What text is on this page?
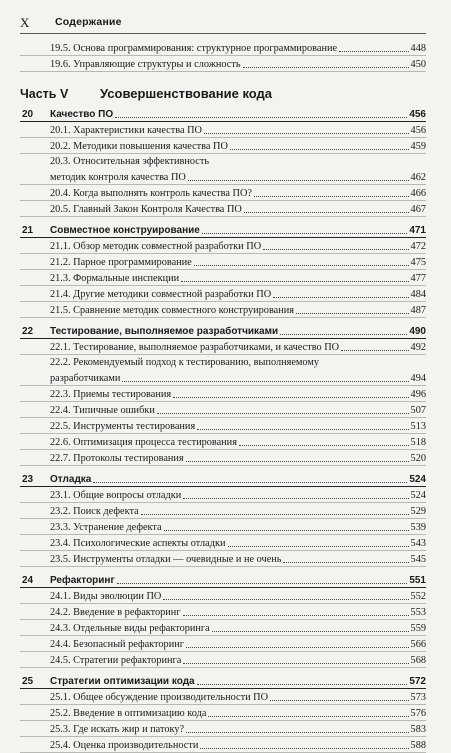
X Содержание
19.5. Основа программирования: структурное программирование	448
19.6. Управляющие структуры и сложность	450
Часть V	Усовершенствование кода
20	Качество ПО	456
20.1. Характеристики качества ПО	456
20.2. Методики повышения качества ПО	459
20.3. Относительная эффективность
методик контроля качества ПО	462
20.4. Когда выполнять контроль качества ПО?	466
20.5. Главный Закон Контроля Качества ПО	467
21	Совместное конструирование	471
21.1. Обзор методик совместной разработки ПО	472
21.2. Парное программирование	475
21.3. Формальные инспекции	477
21.4. Другие методики совместной разработки ПО	484
21.5. Сравнение методик совместного конструирования	487
22	Тестирование, выполняемое разработчиками	490
22.1. Тестирование, выполняемое разработчиками, и качество ПО	492
22.2. Рекомендуемый подход к тестированию, выполняемому
разработчиками	494
22.3. Приемы тестирования	496
22.4. Типичные ошибки	507
22.5. Инструменты тестирования	513
22.6. Оптимизация процесса тестирования	518
22.7. Протоколы тестирования	520
23	Отладка	524
23.1. Общие вопросы отладки	524
23.2. Поиск дефекта	529
23.3. Устранение дефекта	539
23.4. Психологические аспекты отладки	543
23.5. Инструменты отладки — очевидные и не очень	545
24	Рефакторинг	551
24.1. Виды эволюции ПО	552
24.2. Введение в рефакторинг	553
24.3. Отдельные виды рефакторинга	559
24.4. Безопасный рефакторинг	566
24.5. Стратегии рефакторинга	568
25	Стратегии оптимизации кода	572
25.1. Общее обсуждение производительности ПО	573
25.2. Введение в оптимизацию кода	576
25.3. Где искать жир и патоку?	583
25.4. Оценка производительности	588
